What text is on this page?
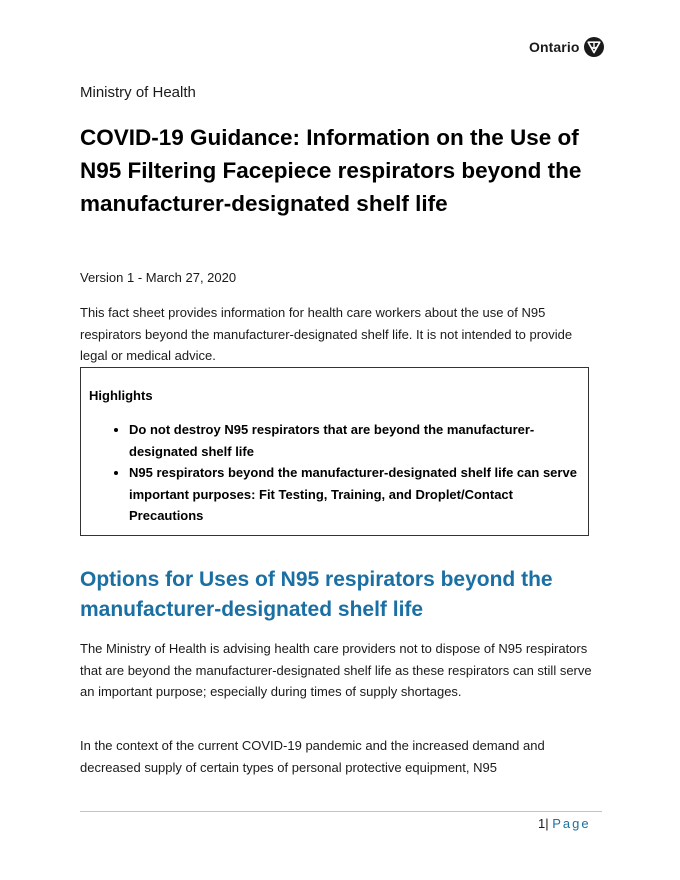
Ontario
Ministry of Health
COVID-19 Guidance: Information on the Use of N95 Filtering Facepiece respirators beyond the manufacturer-designated shelf life
Version 1 - March 27, 2020

This fact sheet provides information for health care workers about the use of N95 respirators beyond the manufacturer-designated shelf life. It is not intended to provide legal or medical advice.

Highlights

• Do not destroy N95 respirators that are beyond the manufacturer-designated shelf life
• N95 respirators beyond the manufacturer-designated shelf life can serve important purposes: Fit Testing, Training, and Droplet/Contact Precautions
Options for Uses of N95 respirators beyond the manufacturer-designated shelf life

The Ministry of Health is advising health care providers not to dispose of N95 respirators that are beyond the manufacturer-designated shelf life as these respirators can still serve an important purpose; especially during times of supply shortages.

In the context of the current COVID-19 pandemic and the increased demand and decreased supply of certain types of personal protective equipment, N95

1| Page
